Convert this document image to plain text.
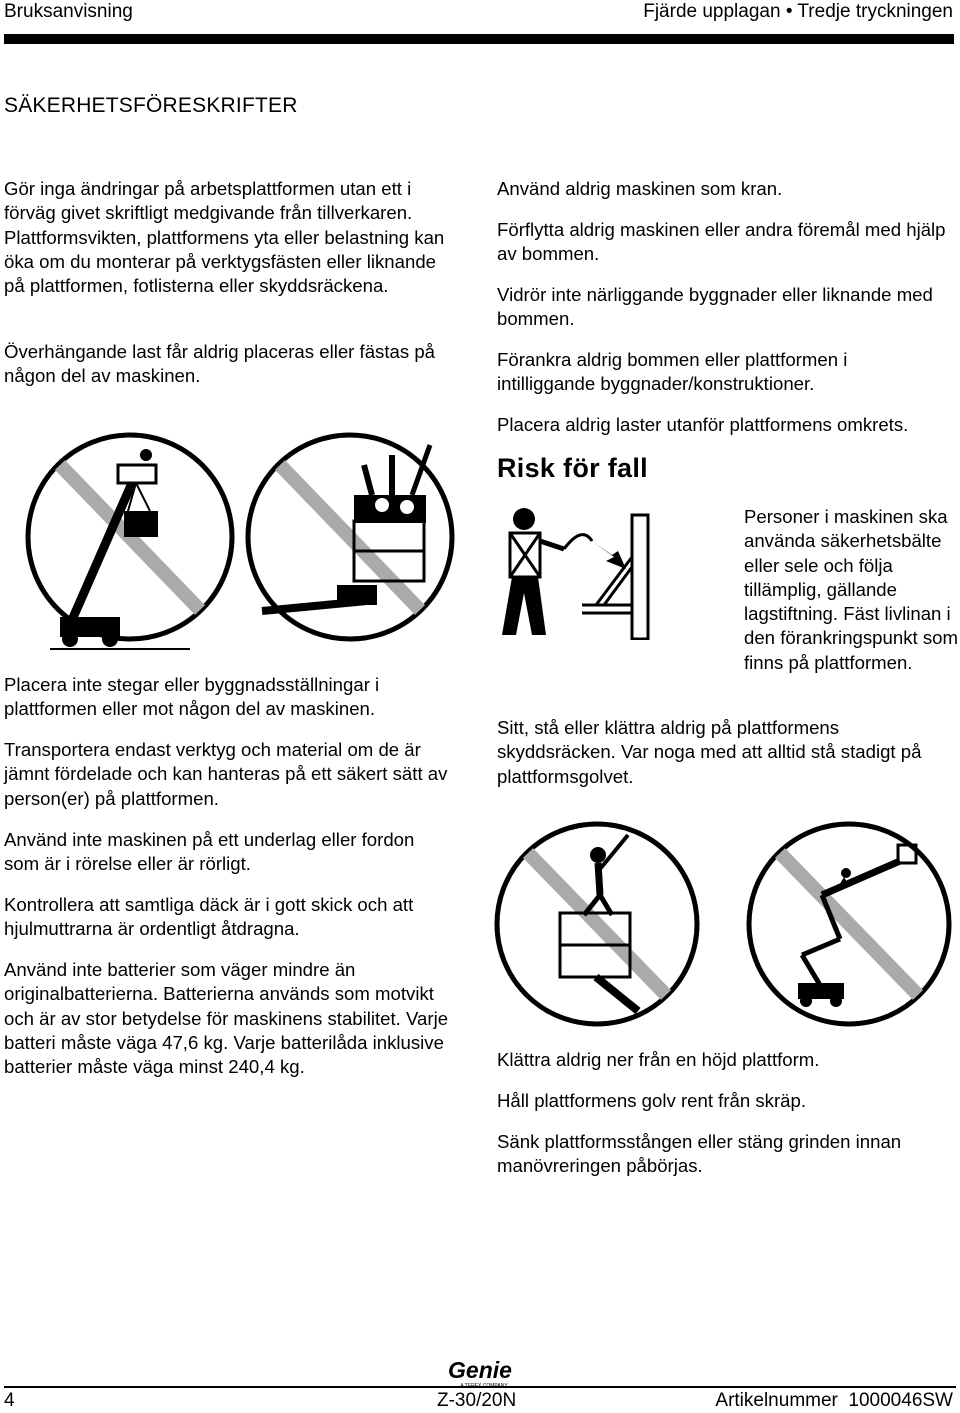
Bruksanvisning	Fjärde upplagan • Tredje tryckningen
SÄKERHETSFÖRESKRIFTER

Gör inga ändringar på arbetsplattformen utan ett i förväg givet skriftligt medgivande från tillverkaren. Plattformsvikten, plattformens yta eller belastning kan öka om du monterar på verktygsfästen eller liknande på plattformen, fotlisterna eller skyddsräckena.

Överhängande last får aldrig placeras eller fästas på någon del av maskinen.

Placera inte stegar eller byggnadsställningar i plattformen eller mot någon del av maskinen.

Transportera endast verktyg och material om de är jämnt fördelade och kan hanteras på ett säkert sätt av person(er) på plattformen.

Använd inte maskinen på ett underlag eller fordon som är i rörelse eller är rörligt.

Kontrollera att samtliga däck är i gott skick och att hjulmuttrarna är ordentligt åtdragna.

Använd inte batterier som väger mindre än originalbatterierna. Batterierna används som motvikt och är av stor betydelse för maskinens stabilitet. Varje batteri måste väga 47,6 kg. Varje batterilåda inklusive batterier måste väga minst 240,4 kg.

Använd aldrig maskinen som kran.

Förflytta aldrig maskinen eller andra föremål med hjälp av bommen.

Vidrör inte närliggande byggnader eller liknande med bommen.

Förankra aldrig bommen eller plattformen i intilliggande byggnader/konstruktioner.

Placera aldrig laster utanför plattformens omkrets.

Risk för fall

Personer i maskinen ska använda säkerhetsbälte eller sele och följa tillämplig, gällande lagstiftning. Fäst livlinan i den förankringspunkt som finns på plattformen.

Sitt, stå eller klättra aldrig på plattformens skyddsräcken. Var noga med att alltid stå stadigt på plattformsgolvet.

Klättra aldrig ner från en höjd plattform.

Håll plattformens golv rent från skräp.

Sänk plattformsstången eller stäng grinden innan manövreringen påbörjas.

Genie
4	Z-30/20N	Artikelnummer  1000046SW
